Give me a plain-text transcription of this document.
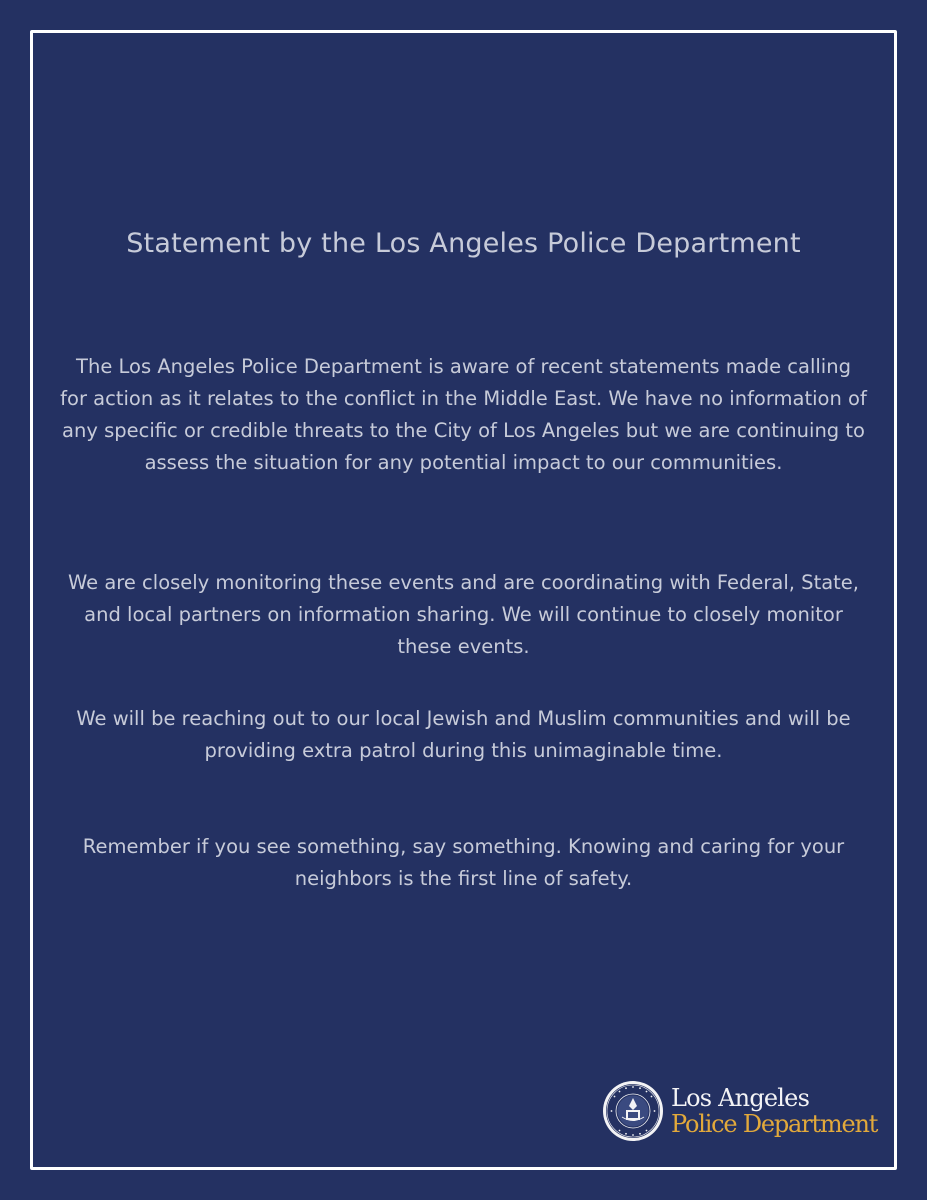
Statement by the Los Angeles Police Department

The Los Angeles Police Department is aware of recent statements made calling for action as it relates to the conflict in the Middle East. We have no information of any specific or credible threats to the City of Los Angeles but we are continuing to assess the situation for any potential impact to our communities.

We are closely monitoring these events and are coordinating with Federal, State, and local partners on information sharing. We will continue to closely monitor these events.

We will be reaching out to our local Jewish and Muslim communities and will be providing extra patrol during this unimaginable time.

Remember if you see something, say something. Knowing and caring for your neighbors is the first line of safety.

Los Angeles
Police Department
